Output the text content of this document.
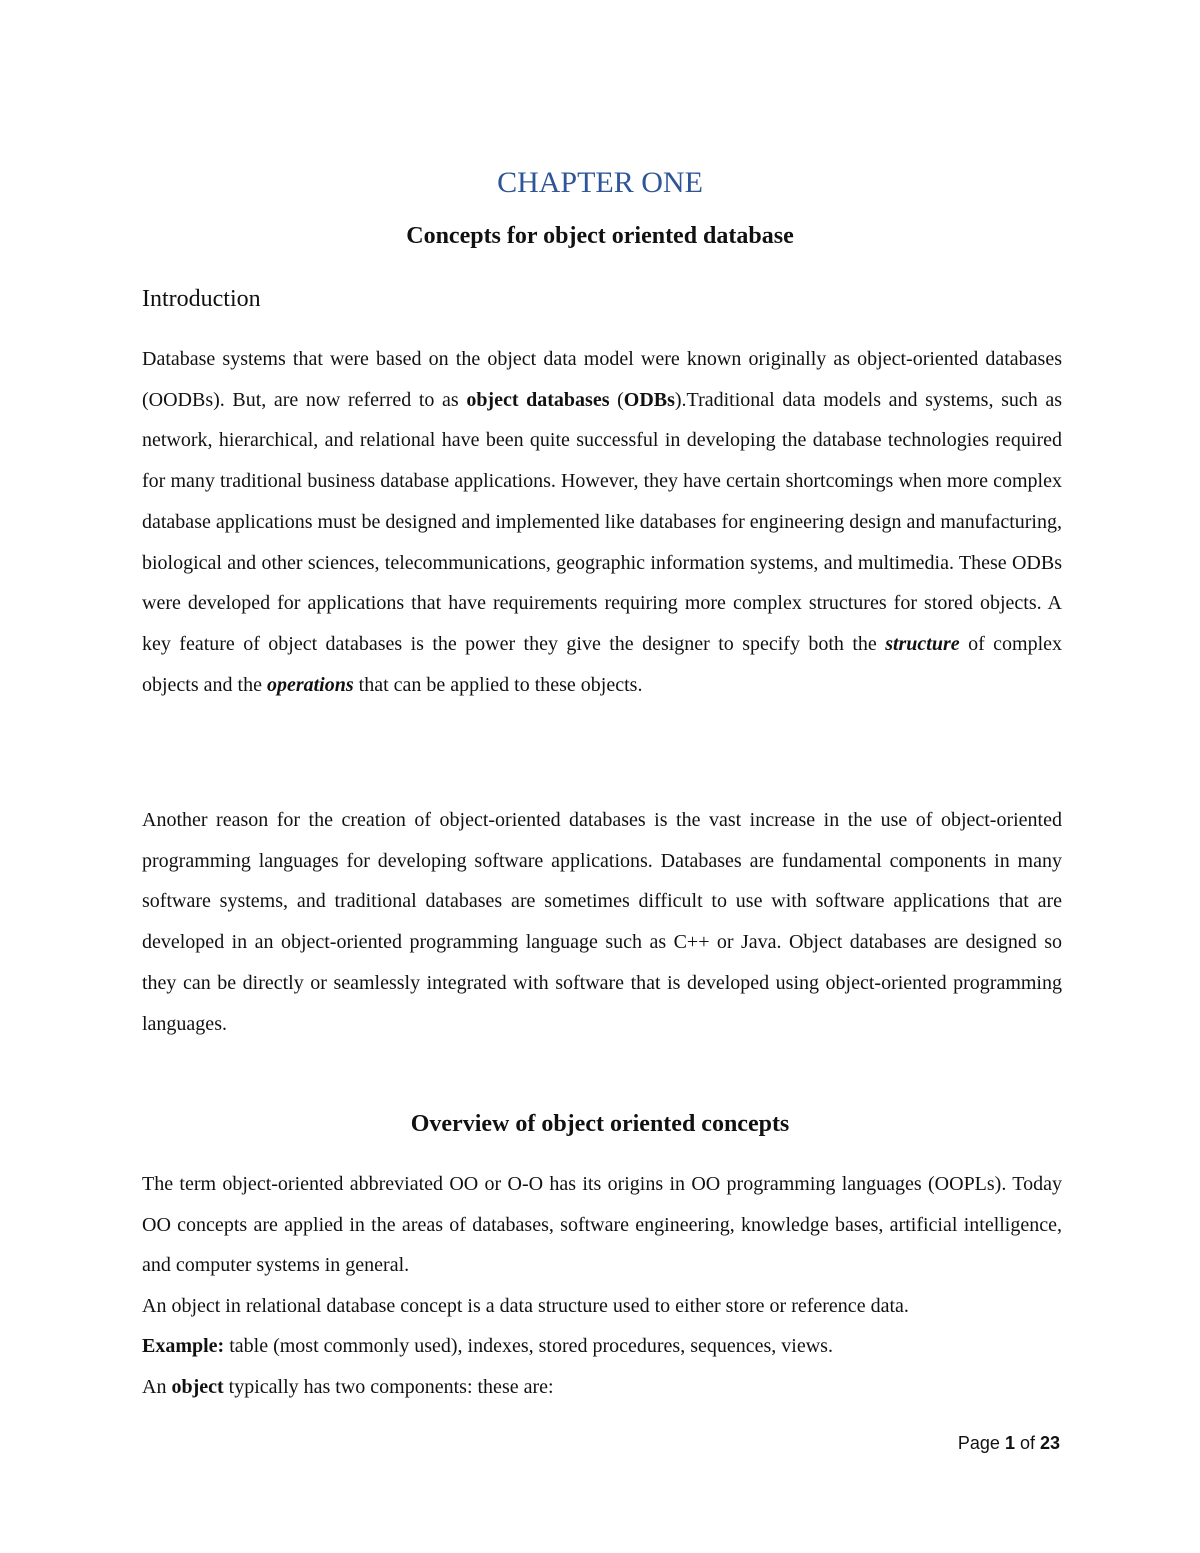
CHAPTER ONE
Concepts for object oriented database
Introduction

Database systems that were based on the object data model were known originally as object-oriented databases (OODBs). But, are now referred to as object databases (ODBs).Traditional data models and systems, such as network, hierarchical, and relational have been quite successful in developing the database technologies required for many traditional business database applications. However, they have certain shortcomings when more complex database applications must be designed and implemented like databases for engineering design and manufacturing, biological and other sciences, telecommunications, geographic information systems, and multimedia. These ODBs were developed for applications that have requirements requiring more complex structures for stored objects. A key feature of object databases is the power they give the designer to specify both the structure of complex objects and the operations that can be applied to these objects.

Another reason for the creation of object-oriented databases is the vast increase in the use of object-oriented programming languages for developing software applications. Databases are fundamental components in many software systems, and traditional databases are sometimes difficult to use with software applications that are developed in an object-oriented programming language such as C++ or Java. Object databases are designed so they can be directly or seamlessly integrated with software that is developed using object-oriented programming languages.

Overview of object oriented concepts

The term object-oriented abbreviated OO or O-O has its origins in OO programming languages (OOPLs). Today OO concepts are applied in the areas of databases, software engineering, knowledge bases, artificial intelligence, and computer systems in general.

An object in relational database concept is a data structure used to either store or reference data.

Example: table (most commonly used), indexes, stored procedures, sequences, views.

An object typically has two components: these are:

Page 1 of 23
